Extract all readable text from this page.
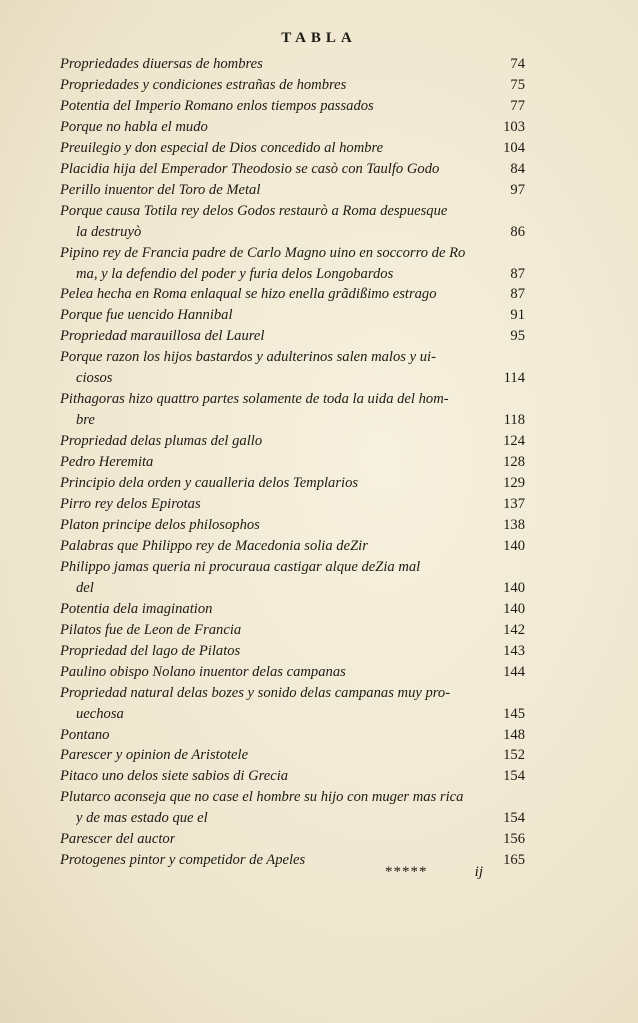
TABLA
Propriedades diuersas de hombres	74
Propriedades y condiciones estrañas de hombres	75
Potentia del Imperio Romano enlos tiempos passados	77
Porque no habla el mudo	103
Preuilegio y don especial de Dios concedido al hombre	104
Placidia hija del Emperador Theodosio se casò con Taulfo Godo	84
Perillo inuentor del Toro de Metal	97
Porque causa Totila rey delos Godos restaurò a Roma despuesque
la destruyò	86
Pipino rey de Francia padre de Carlo Magno uino en soccorro de Ro
ma, y la defendio del poder y furia delos Longobardos	87
Pelea hecha en Roma enlaqual se hizo enella grãdißimo estrago	87
Porque fue uencido Hannibal	91
Propriedad marauillosa del Laurel	95
Porque razon los hijos bastardos y adulterinos salen malos y ui-
ciosos	114
Pithagoras hizo quattro partes solamente de toda la uida del hom-
bre	118
Propriedad delas plumas del gallo	124
Pedro Heremita	128
Principio dela orden y caualleria delos Templarios	129
Pirro rey delos Epirotas	137
Platon principe delos philosophos	138
Palabras que Philippo rey de Macedonia solia deZir	140
Philippo jamas queria ni procuraua castigar alque deZia mal
del	140
Potentia dela imagination	140
Pilatos fue de Leon de Francia	142
Propriedad del lago de Pilatos	143
Paulino obispo Nolano inuentor delas campanas	144
Propriedad natural delas bozes y sonido delas campanas muy pro-
uechosa	145
Pontano	148
Parescer y opinion de Aristotele	152
Pitaco uno delos siete sabios di Grecia	154
Plutarco aconseja que no case el hombre su hijo con muger mas rica
y de mas estado que el	154
Parescer del auctor	156
Protogenes pintor y competidor de Apeles	165
*****	ij
